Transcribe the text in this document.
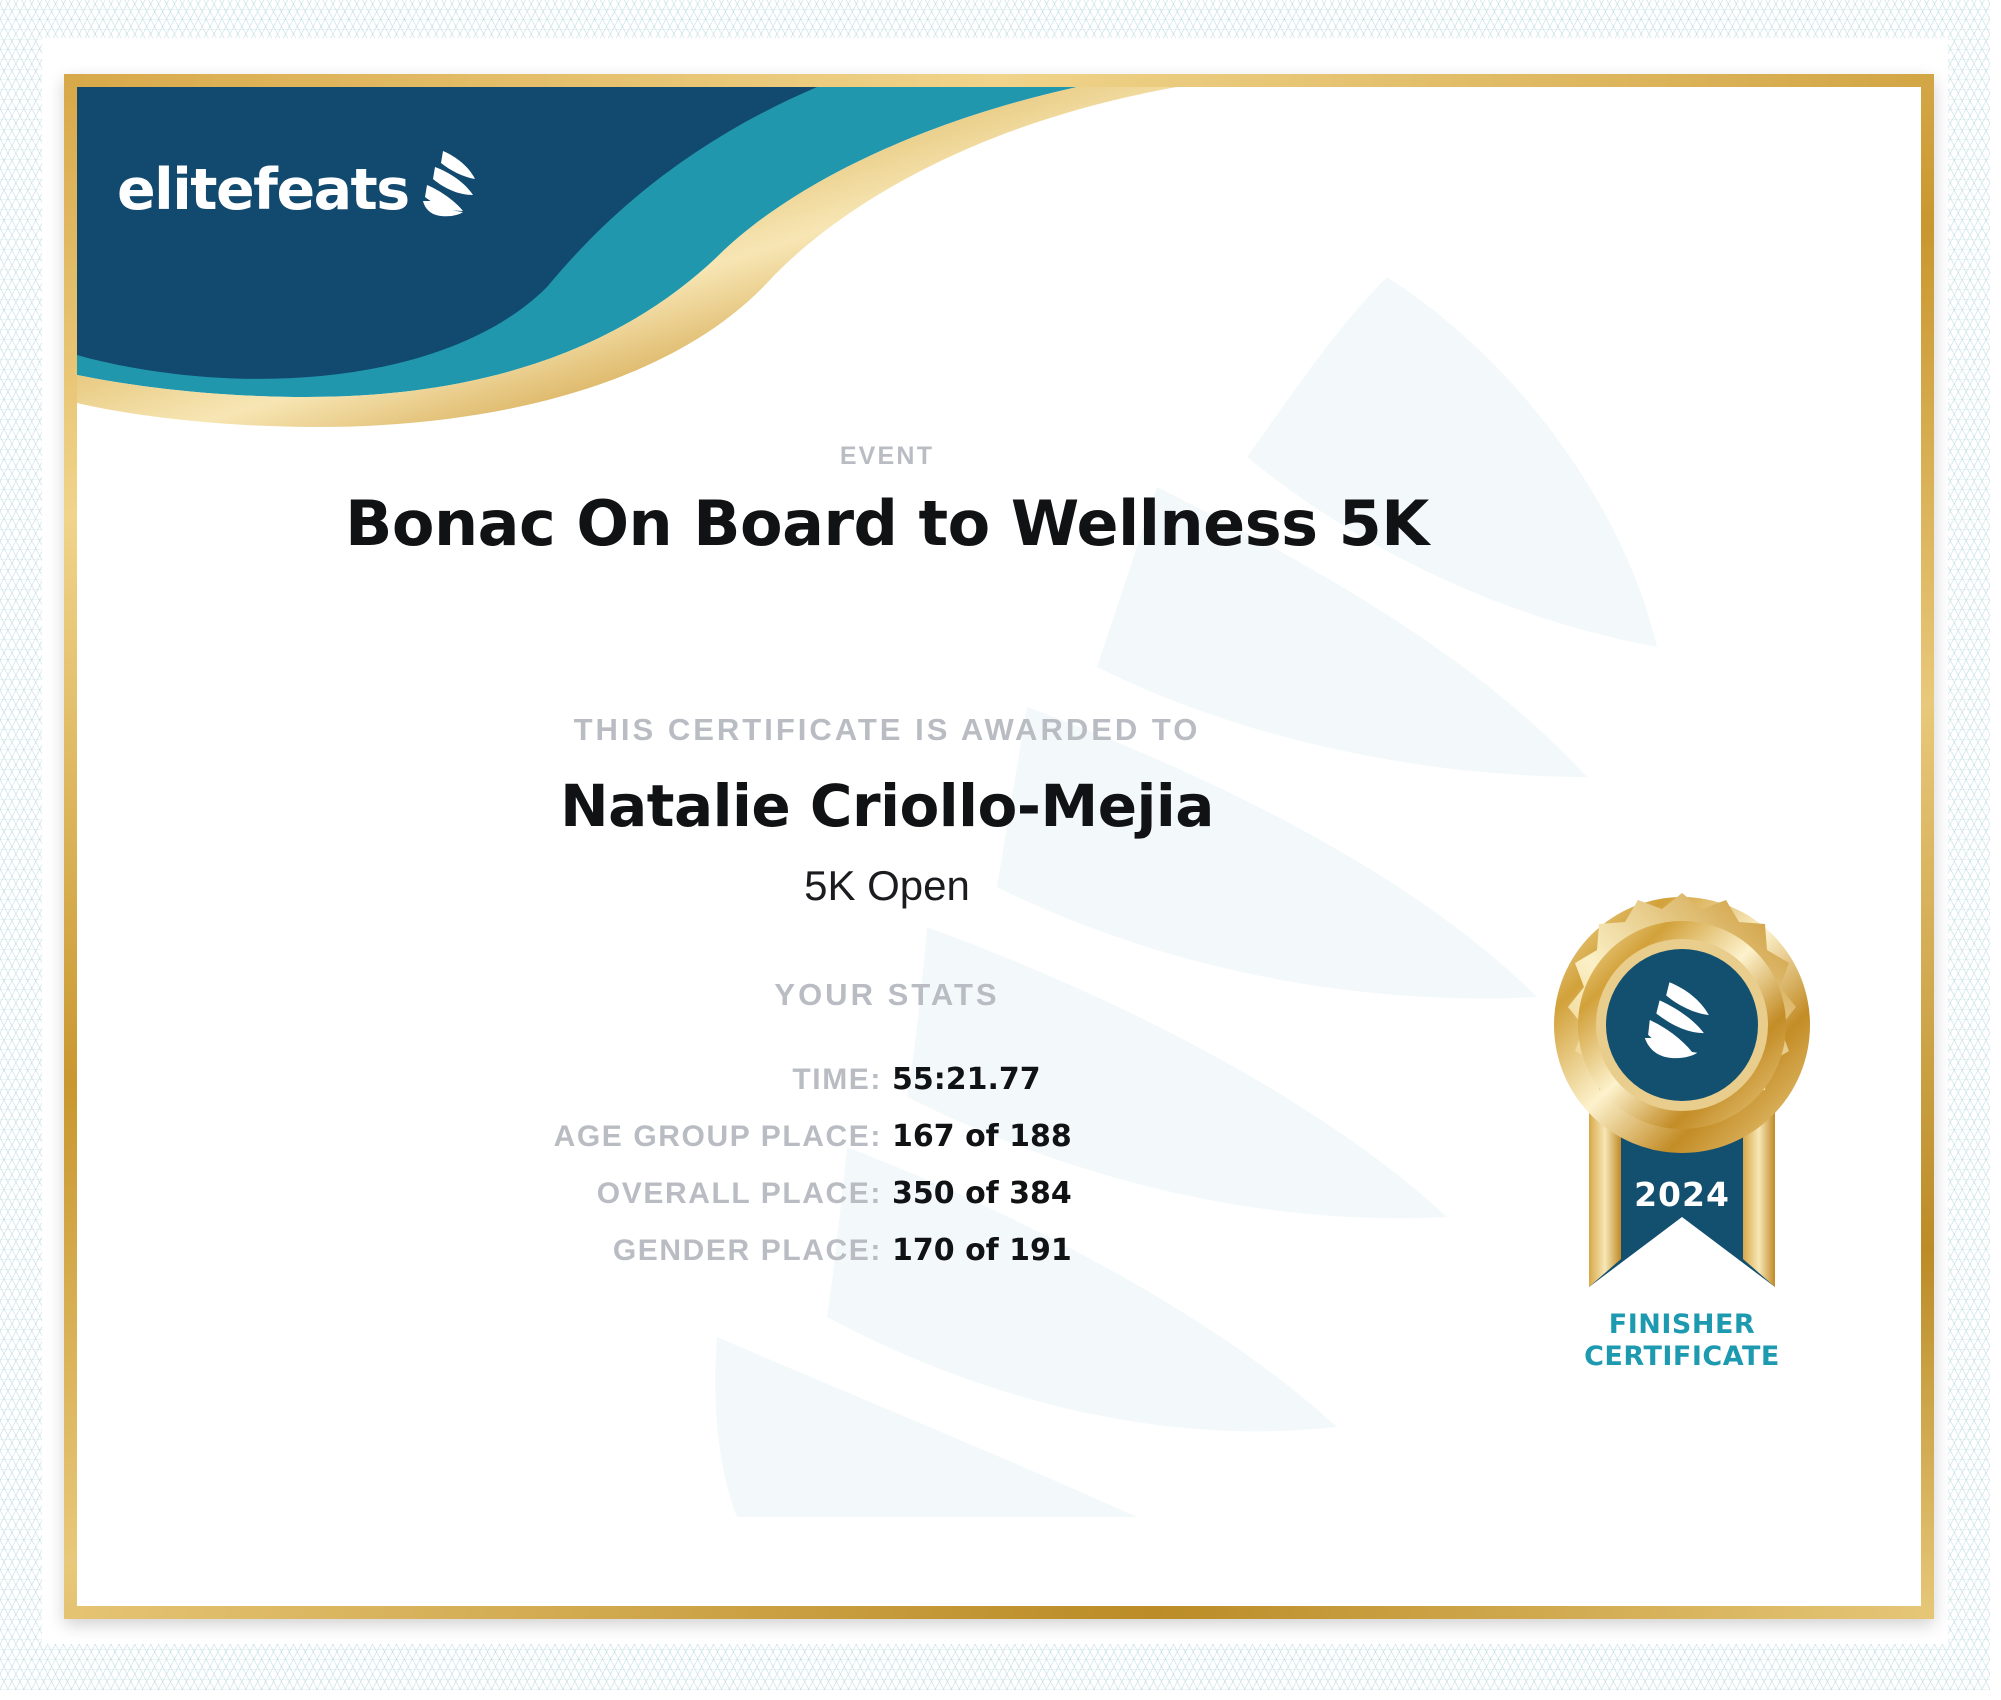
elitefeats
EVENT
Bonac On Board to Wellness 5K
THIS CERTIFICATE IS AWARDED TO
Natalie Criollo-Mejia
5K Open
YOUR STATS
TIME: 55:21.77
AGE GROUP PLACE: 167 of 188
OVERALL PLACE: 350 of 384
GENDER PLACE: 170 of 191
2024
FINISHER
CERTIFICATE
